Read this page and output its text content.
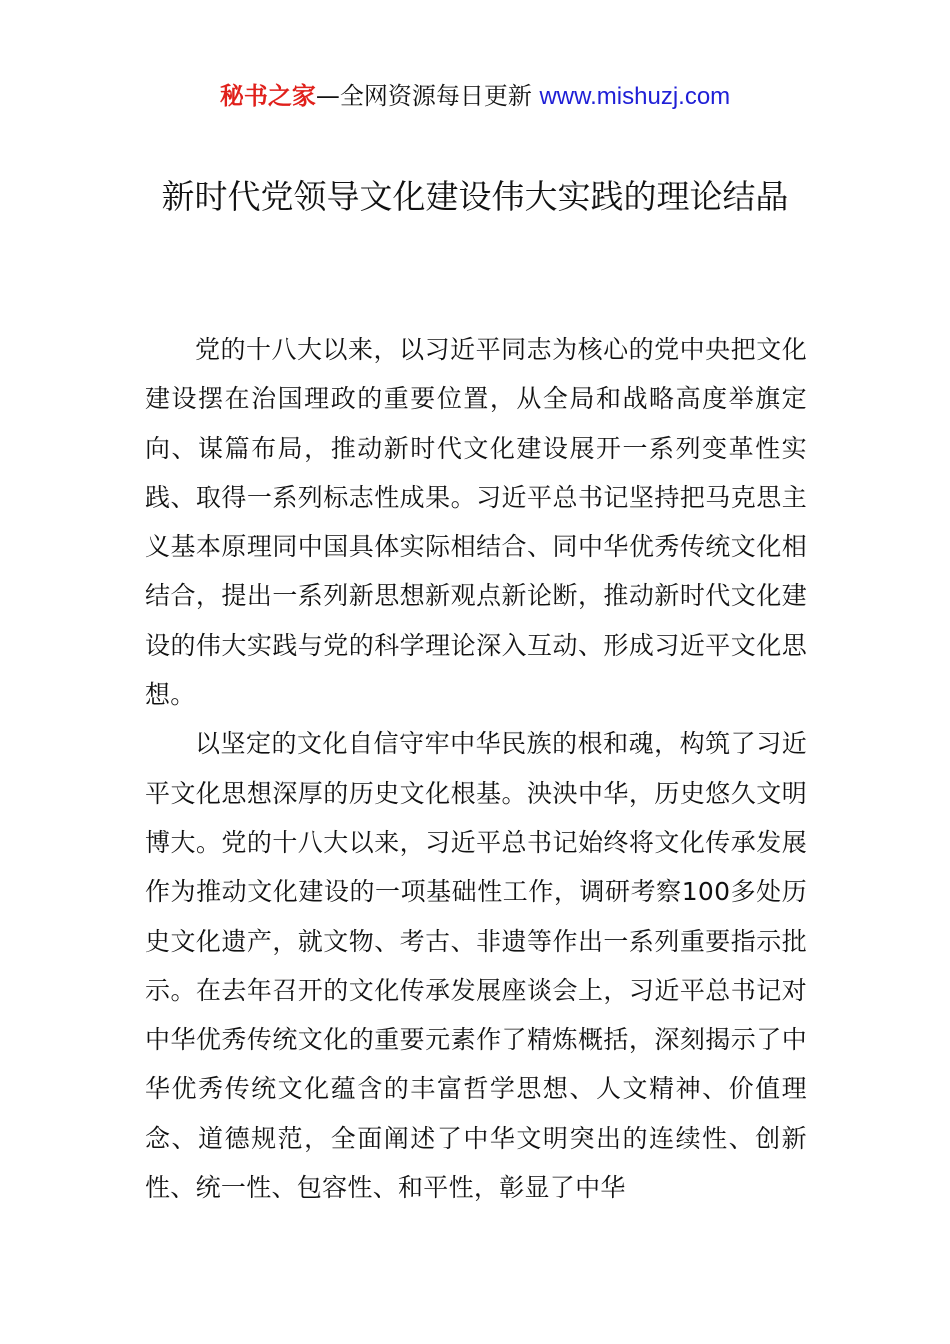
秘书之家—全网资源每日更新 www.mishuzj.com
新时代党领导文化建设伟大实践的理论结晶

党的十八大以来，以习近平同志为核心的党中央把文化建设摆在治国理政的重要位置，从全局和战略高度举旗定向、谋篇布局，推动新时代文化建设展开一系列变革性实践、取得一系列标志性成果。习近平总书记坚持把马克思主义基本原理同中国具体实际相结合、同中华优秀传统文化相结合，提出一系列新思想新观点新论断，推动新时代文化建设的伟大实践与党的科学理论深入互动、形成习近平文化思想。

以坚定的文化自信守牢中华民族的根和魂，构筑了习近平文化思想深厚的历史文化根基。泱泱中华，历史悠久文明博大。党的十八大以来，习近平总书记始终将文化传承发展作为推动文化建设的一项基础性工作，调研考察100多处历史文化遗产，就文物、考古、非遗等作出一系列重要指示批示。在去年召开的文化传承发展座谈会上，习近平总书记对中华优秀传统文化的重要元素作了精炼概括，深刻揭示了中华优秀传统文化蕴含的丰富哲学思想、人文精神、价值理念、道德规范，全面阐述了中华文明突出的连续性、创新性、统一性、包容性、和平性，彰显了中华
